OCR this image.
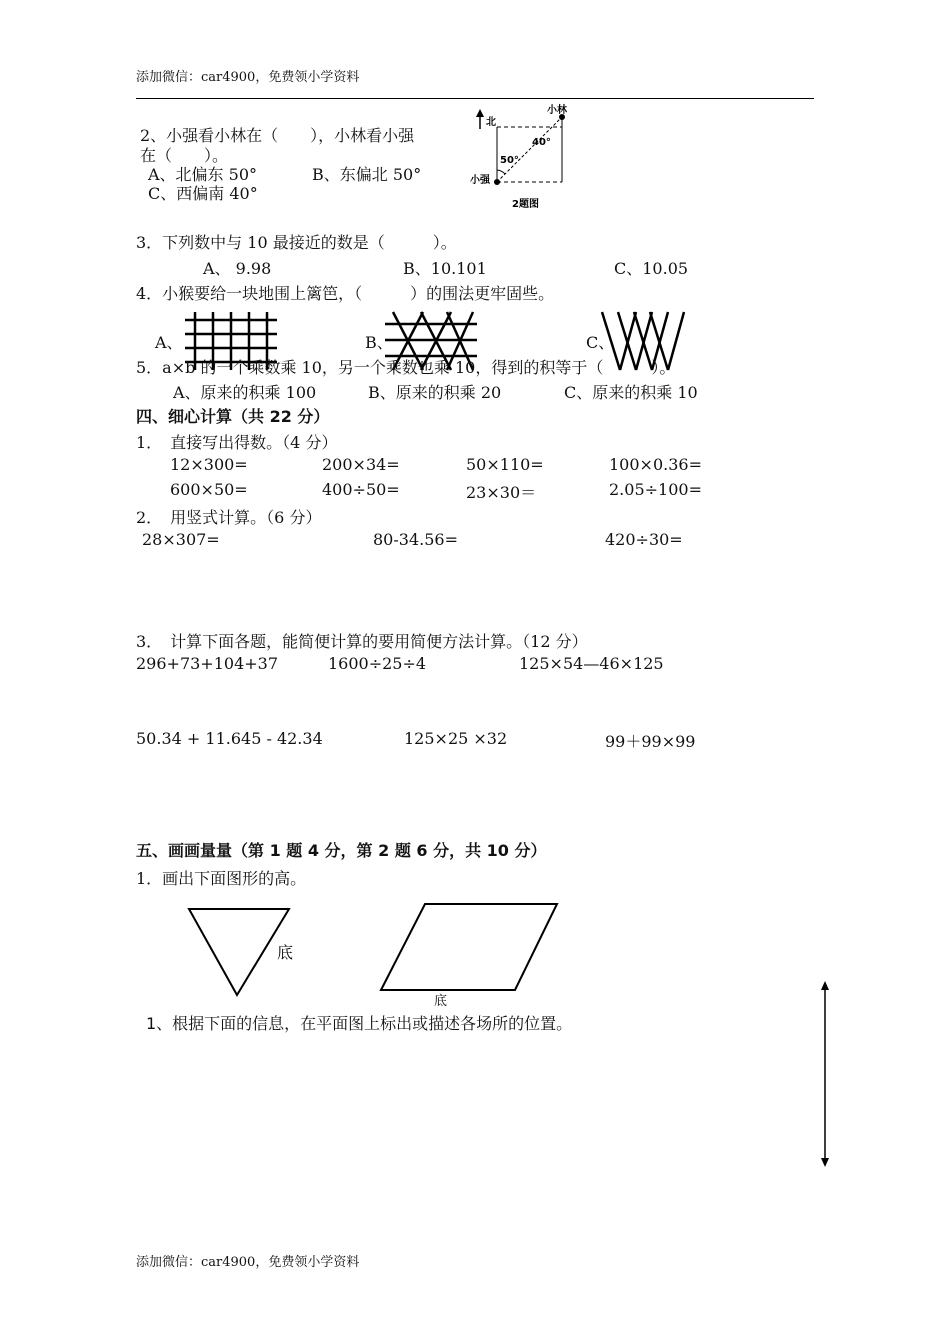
添加微信：car4900，免费领小学资料
2、小强看小林在（　　），小林看小强
在（　　）。
A、北偏东 50°	B、东偏北 50°
C、西偏南 40°
北
小林
小强
40°
50°
2题图
3．下列数中与 10 最接近的数是（　　　）。
A、 9.98	B、10.101	C、10.05
4．小猴要给一块地围上篱笆，（　　　）的围法更牢固些。
A、	B、	C、
5．a×b 的一个乘数乘 10，另一个乘数也乘 10，得到的积等于（　　　）。
A、原来的积乘 100	B、原来的积乘 20	C、原来的积乘 10
四、细心计算（共 22 分）
1．　直接写出得数。（4 分）
12×300=	200×34=	50×110=	100×0.36=
600×50=	400÷50=	23×30＝	2.05÷100=
2．　用竖式计算。（6 分）
28×307=	80-34.56=	420÷30=
3．　计算下面各题，能简便计算的要用简便方法计算。（12 分）
296+73+104+37	1600÷25÷4	125×54—46×125
50.34 + 11.645 - 42.34	125×25 ×32	99＋99×99
五、画画量量（第 1 题 4 分，第 2 题 6 分，共 10 分）
1．画出下面图形的高。
底
底
1、根据下面的信息，在平面图上标出或描述各场所的位置。
添加微信：car4900，免费领小学资料
